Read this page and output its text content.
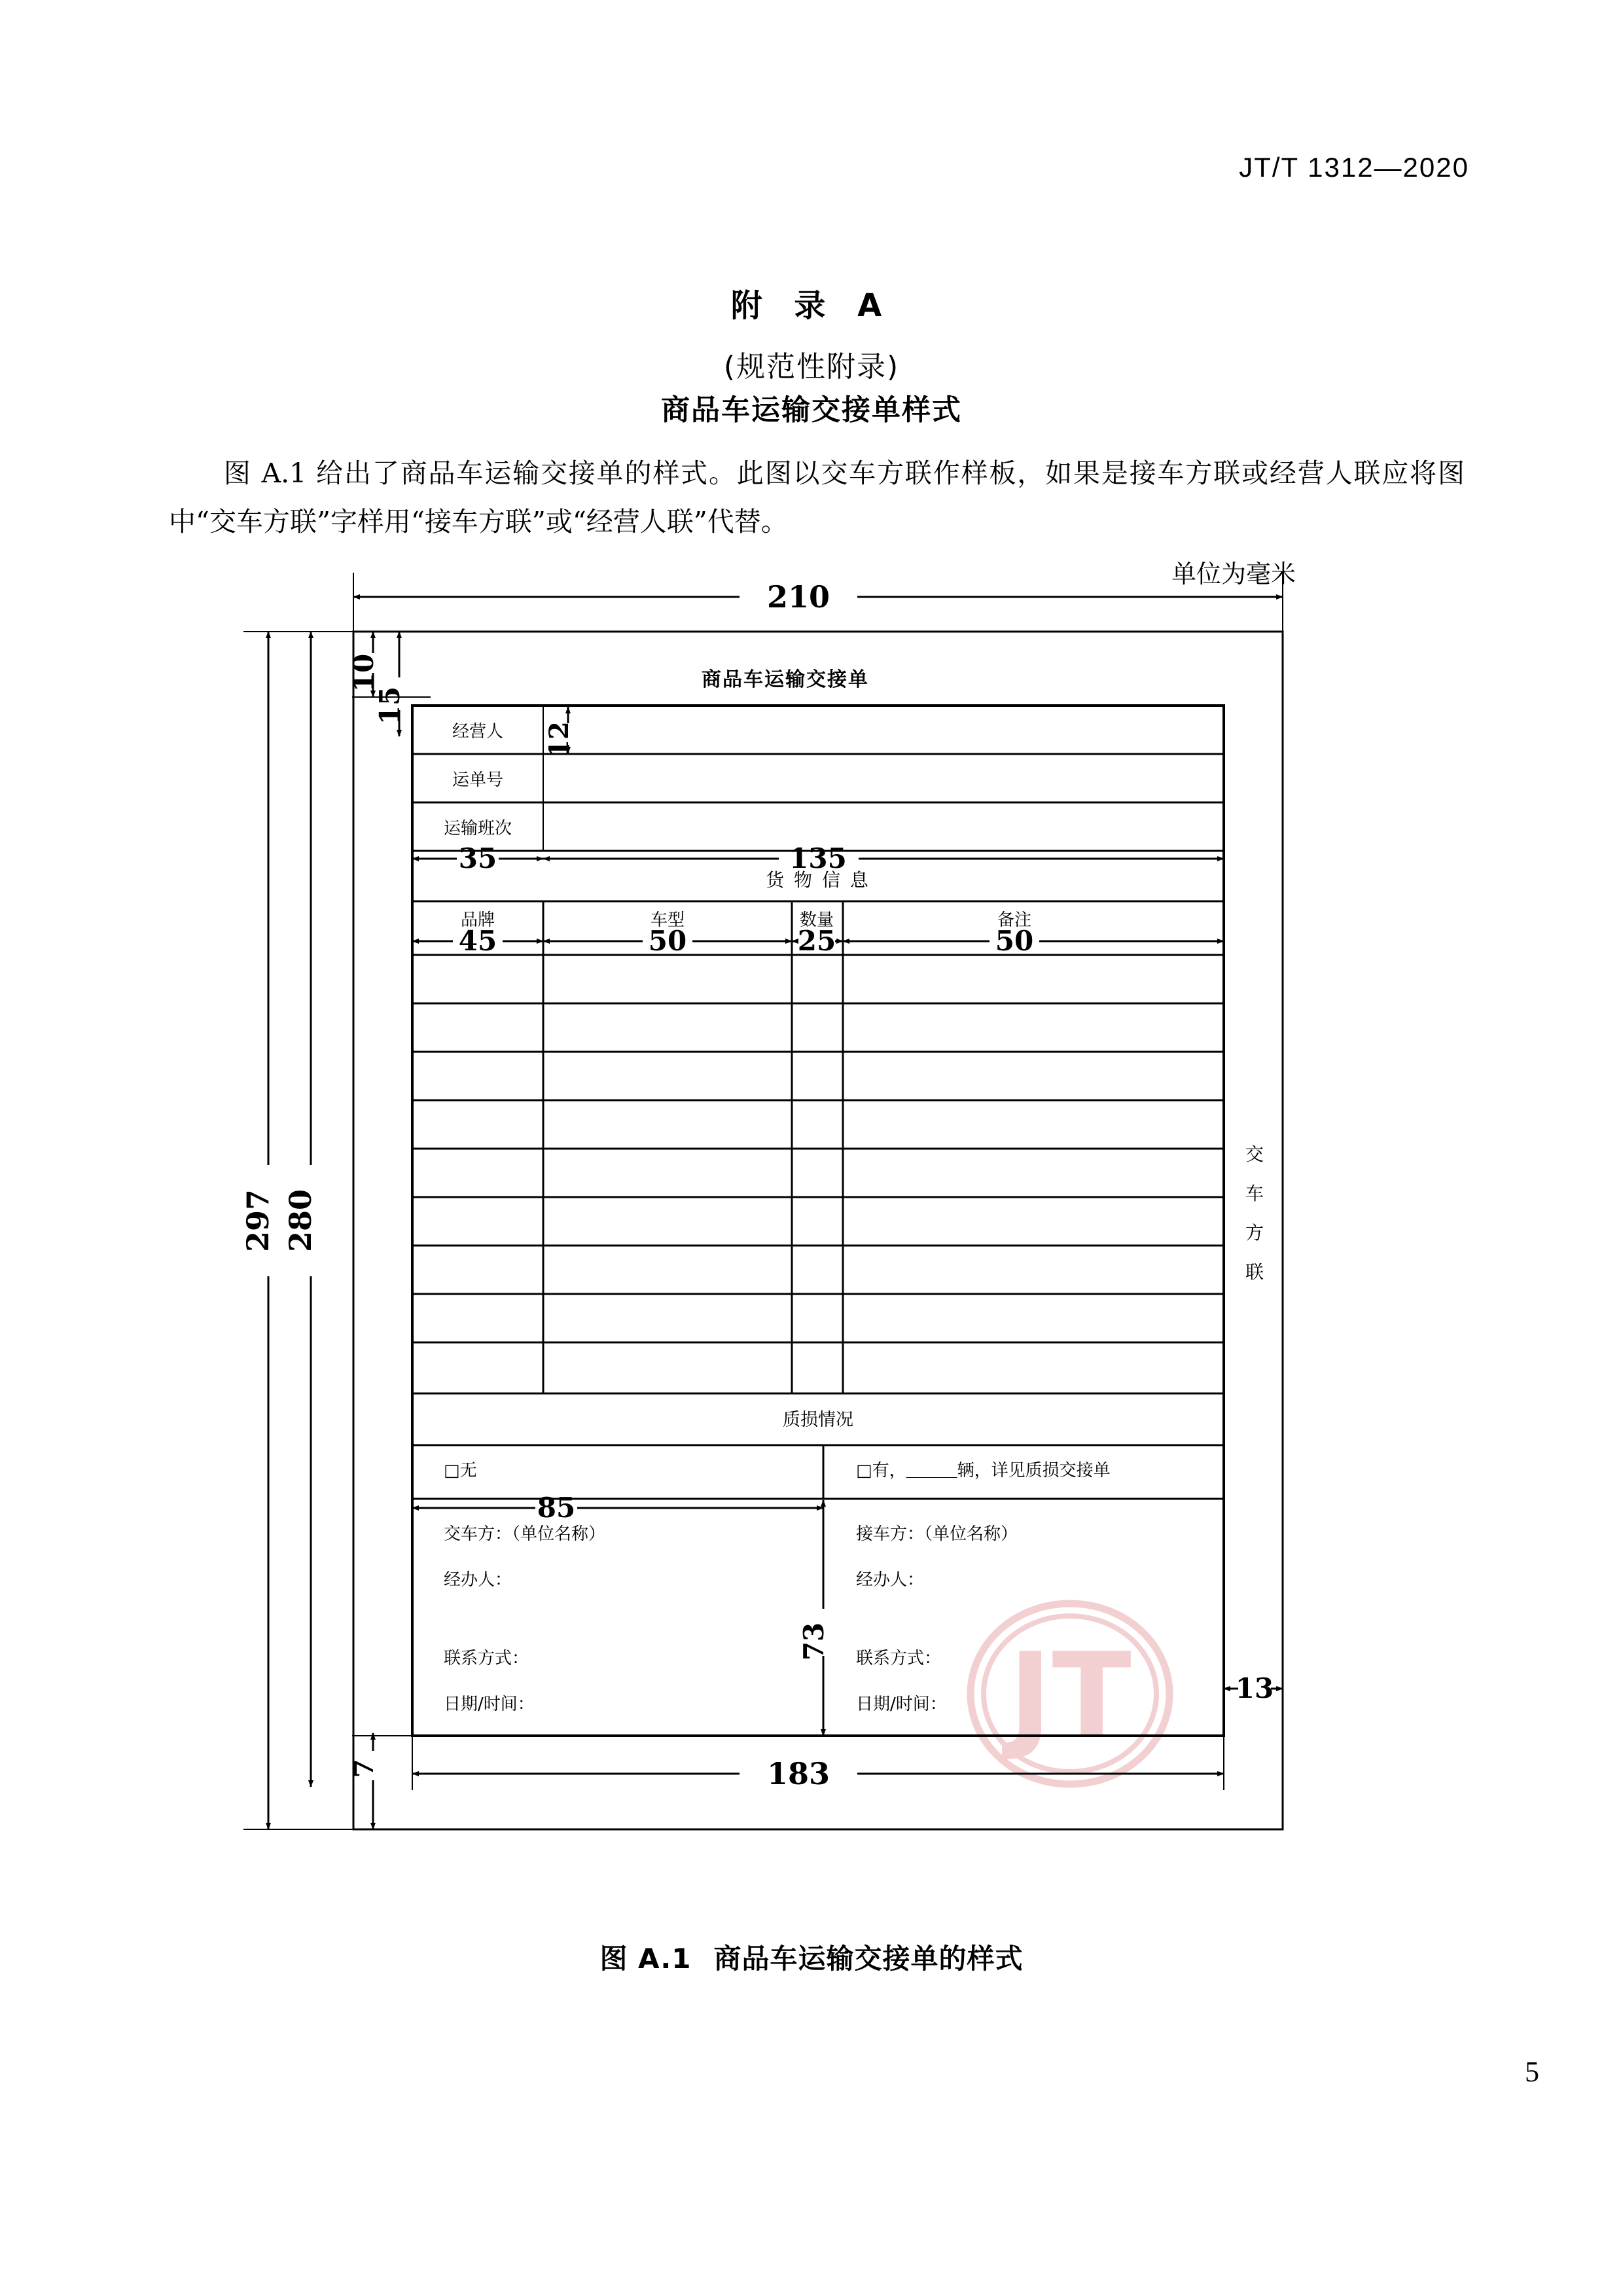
JT/T 1312—2020
附 录 A
(规范性附录)
商品车运输交接单样式
图 A.1 给出了商品车运输交接单的样式。此图以交车方联作样板，如果是接车方联或经营人联应将图中“交车方联”字样用“接车方联”或“经营人联”代替。
单位为毫米
JT
210
297 280
10
15
商品车运输交接单
183
7
13
经营人
运单号
运输班次
12
35	135
货 物 信 息
品牌	车型	数量	备注
45	50	25	50
质损情况
□无	□有，＿＿＿辆，详见质损交接单
85
73
交车方：（单位名称）
经办人：
联系方式：
日期/时间：
接车方：（单位名称）
经办人：
联系方式：
日期/时间：
交
车
方
联
图 A.1 商品车运输交接单的样式
5
